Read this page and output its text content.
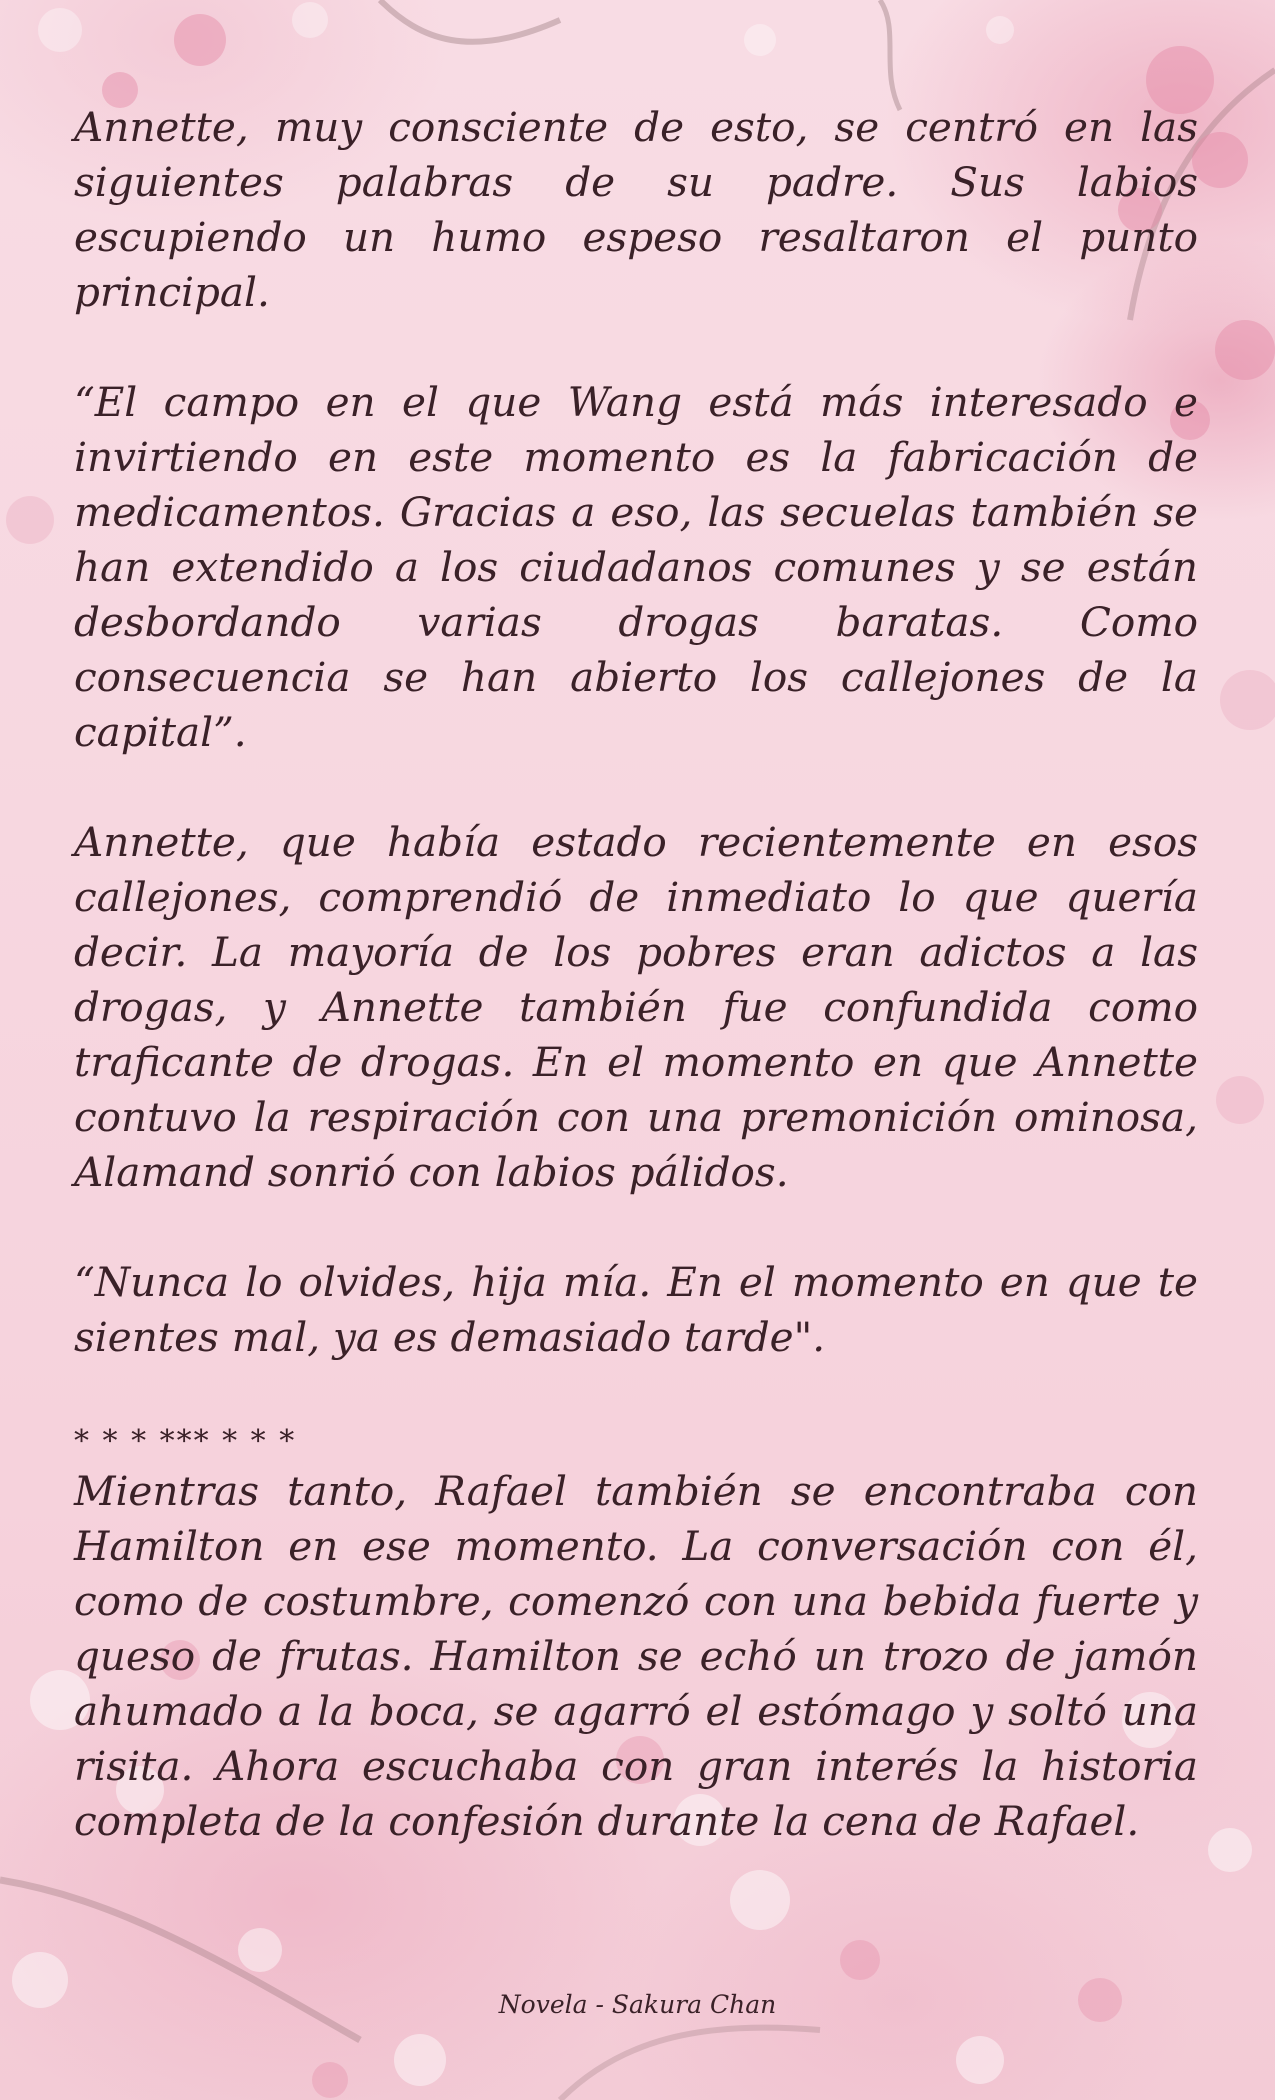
Annette, muy consciente de esto, se centró en las siguientes palabras de su padre. Sus labios escupiendo un humo espeso resaltaron el punto principal.

“El campo en el que Wang está más interesado e invirtiendo en este momento es la fabricación de medicamentos. Gracias a eso, las secuelas también se han extendido a los ciudadanos comunes y se están desbordando varias drogas baratas. Como consecuencia se han abierto los callejones de la capital”.

Annette, que había estado recientemente en esos callejones, comprendió de inmediato lo que quería decir. La mayoría de los pobres eran adictos a las drogas, y Annette también fue confundida como traficante de drogas. En el momento en que Annette contuvo la respiración con una premonición ominosa, Alamand sonrió con labios pálidos.

“Nunca lo olvides, hija mía. En el momento en que te sientes mal, ya es demasiado tarde".

* * * *** * * *

Mientras tanto, Rafael también se encontraba con Hamilton en ese momento. La conversación con él, como de costumbre, comenzó con una bebida fuerte y queso de frutas. Hamilton se echó un trozo de jamón ahumado a la boca, se agarró el estómago y soltó una risita. Ahora escuchaba con gran interés la historia completa de la confesión durante la cena de Rafael.

Novela - Sakura Chan
